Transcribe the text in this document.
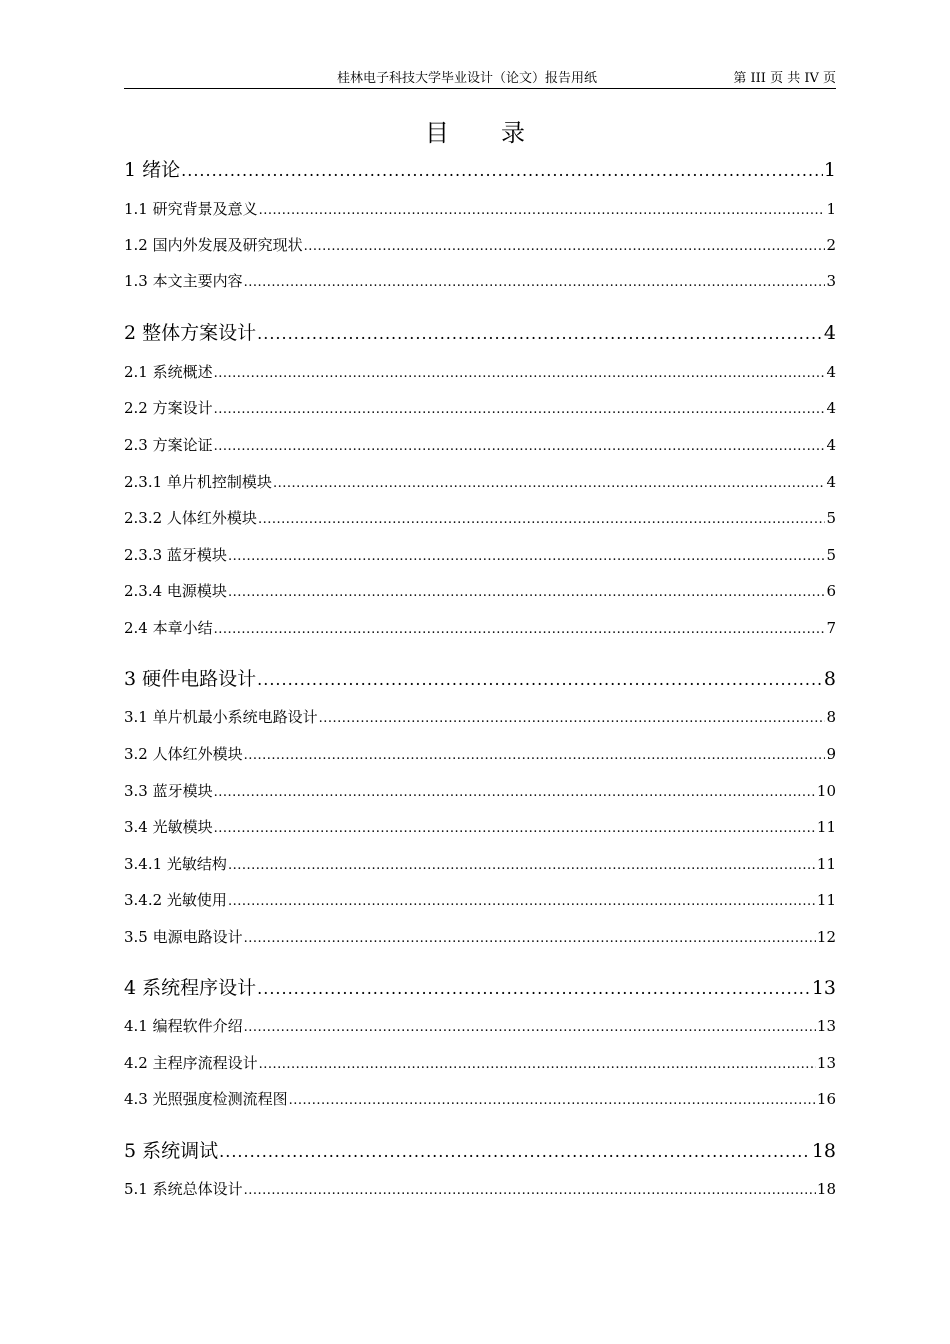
桂林电子科技大学毕业设计（论文）报告用纸	第 III 页 共 IV 页
目录
1 绪论 .....	1
1.1 研究背景及意义 .....	1
1.2 国内外发展及研究现状 .....	2
1.3 本文主要内容 .....	3
2 整体方案设计 .....	4
2.1 系统概述 .....	4
2.2 方案设计 .....	4
2.3 方案论证 .....	4
2.3.1 单片机控制模块 .....	4
2.3.2 人体红外模块 .....	5
2.3.3 蓝牙模块 .....	5
2.3.4 电源模块 .....	6
2.4 本章小结 .....	7
3 硬件电路设计 .....	8
3.1 单片机最小系统电路设计 .....	8
3.2 人体红外模块 .....	9
3.3 蓝牙模块 .....	10
3.4 光敏模块 .....	11
3.4.1 光敏结构 .....	11
3.4.2 光敏使用 .....	11
3.5 电源电路设计 .....	12
4 系统程序设计 .....	13
4.1 编程软件介绍 .....	13
4.2 主程序流程设计 .....	13
4.3 光照强度检测流程图 .....	16
5 系统调试 .....	18
5.1 系统总体设计 .....	18
